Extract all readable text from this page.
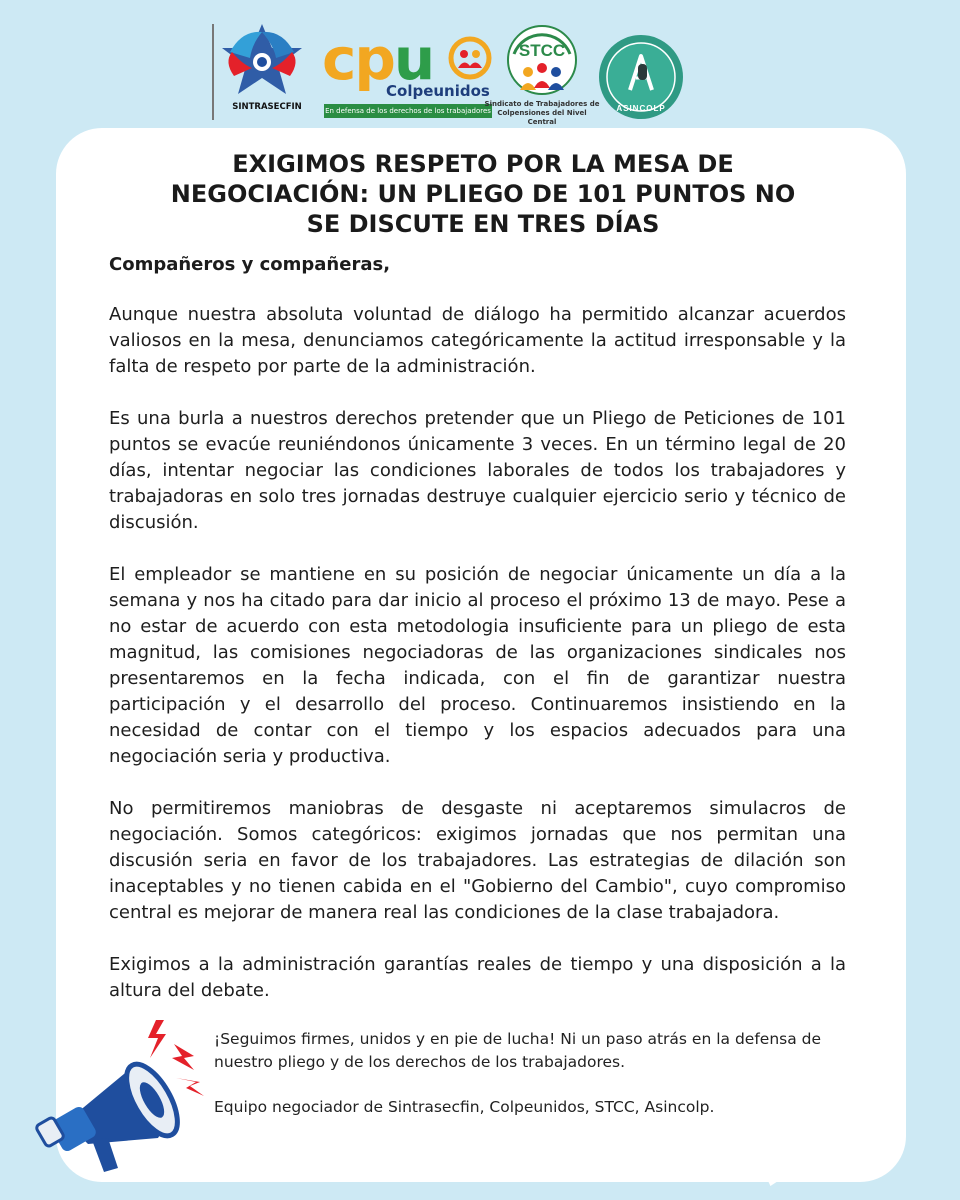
SINTRASECFIN
cpu
Colpeunidos
En defensa de los derechos de los trabajadores
STCC
Sindicato de Trabajadores de
Colpensiones del Nivel Central
ASINCOLP
EXIGIMOS RESPETO POR LA MESA DE NEGOCIACIÓN: UN PLIEGO DE 101 PUNTOS NO SE DISCUTE EN TRES DÍAS
Compañeros y compañeras,

Aunque nuestra absoluta voluntad de diálogo ha permitido alcanzar acuerdos valiosos en la mesa, denunciamos categóricamente la actitud irresponsable y la falta de respeto por parte de la administración.

Es una burla a nuestros derechos pretender que un Pliego de Peticiones de 101 puntos se evacúe reuniéndonos únicamente 3 veces. En un término legal de 20 días, intentar negociar las condiciones laborales de todos los trabajadores y trabajadoras en solo tres jornadas destruye cualquier ejercicio serio y técnico de discusión.

El empleador se mantiene en su posición de negociar únicamente un día a la semana y nos ha citado para dar inicio al proceso el próximo 13 de mayo. Pese a no estar de acuerdo con esta metodologia insuficiente para un pliego de esta magnitud, las comisiones negociadoras de las organizaciones sindicales nos presentaremos en la fecha indicada, con el fin de garantizar nuestra participación y el desarrollo del proceso. Continuaremos insistiendo en la necesidad de contar con el tiempo y los espacios adecuados para una negociación seria y productiva.

No permitiremos maniobras de desgaste ni aceptaremos simulacros de negociación. Somos categóricos: exigimos jornadas que nos permitan una discusión seria en favor de los trabajadores. Las estrategias de dilación son inaceptables y no tienen cabida en el "Gobierno del Cambio", cuyo compromiso central es mejorar de manera real las condiciones de la clase trabajadora.

Exigimos a la administración garantías reales de tiempo y una disposición a la altura del debate.

¡Seguimos firmes, unidos y en pie de lucha! Ni un paso atrás en la defensa de nuestro pliego y de los derechos de los trabajadores.

Equipo negociador de Sintrasecfin, Colpeunidos, STCC, Asincolp.
